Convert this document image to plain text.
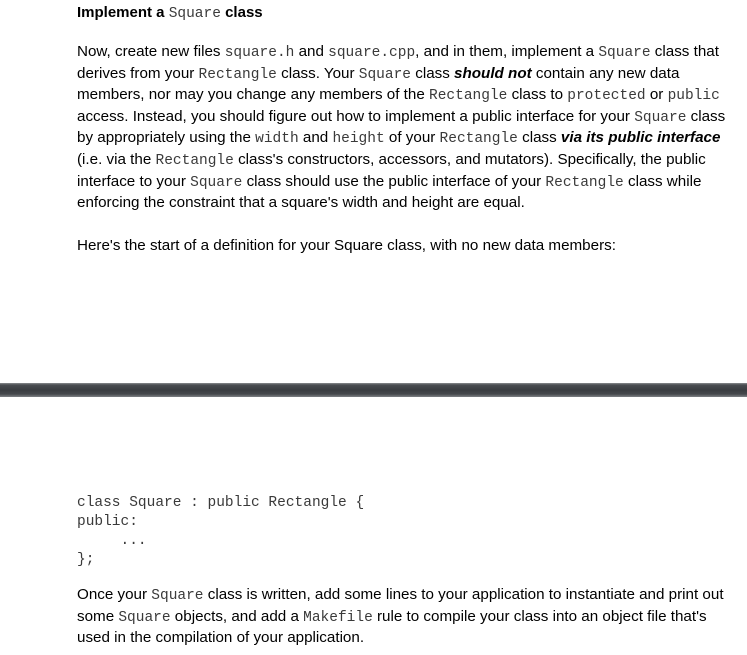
Implement a Square class
Now, create new files square.h and square.cpp, and in them, implement a Square class that derives from your Rectangle class. Your Square class should not contain any new data members, nor may you change any members of the Rectangle class to protected or public access. Instead, you should figure out how to implement a public interface for your Square class by appropriately using the width and height of your Rectangle class via its public interface (i.e. via the Rectangle class's constructors, accessors, and mutators). Specifically, the public interface to your Square class should use the public interface of your Rectangle class while enforcing the constraint that a square's width and height are equal.
Here's the start of a definition for your Square class, with no new data members:
class Square : public Rectangle {
public:
...
};
Once your Square class is written, add some lines to your application to instantiate and print out some Square objects, and add a Makefile rule to compile your class into an object file that's used in the compilation of your application.
